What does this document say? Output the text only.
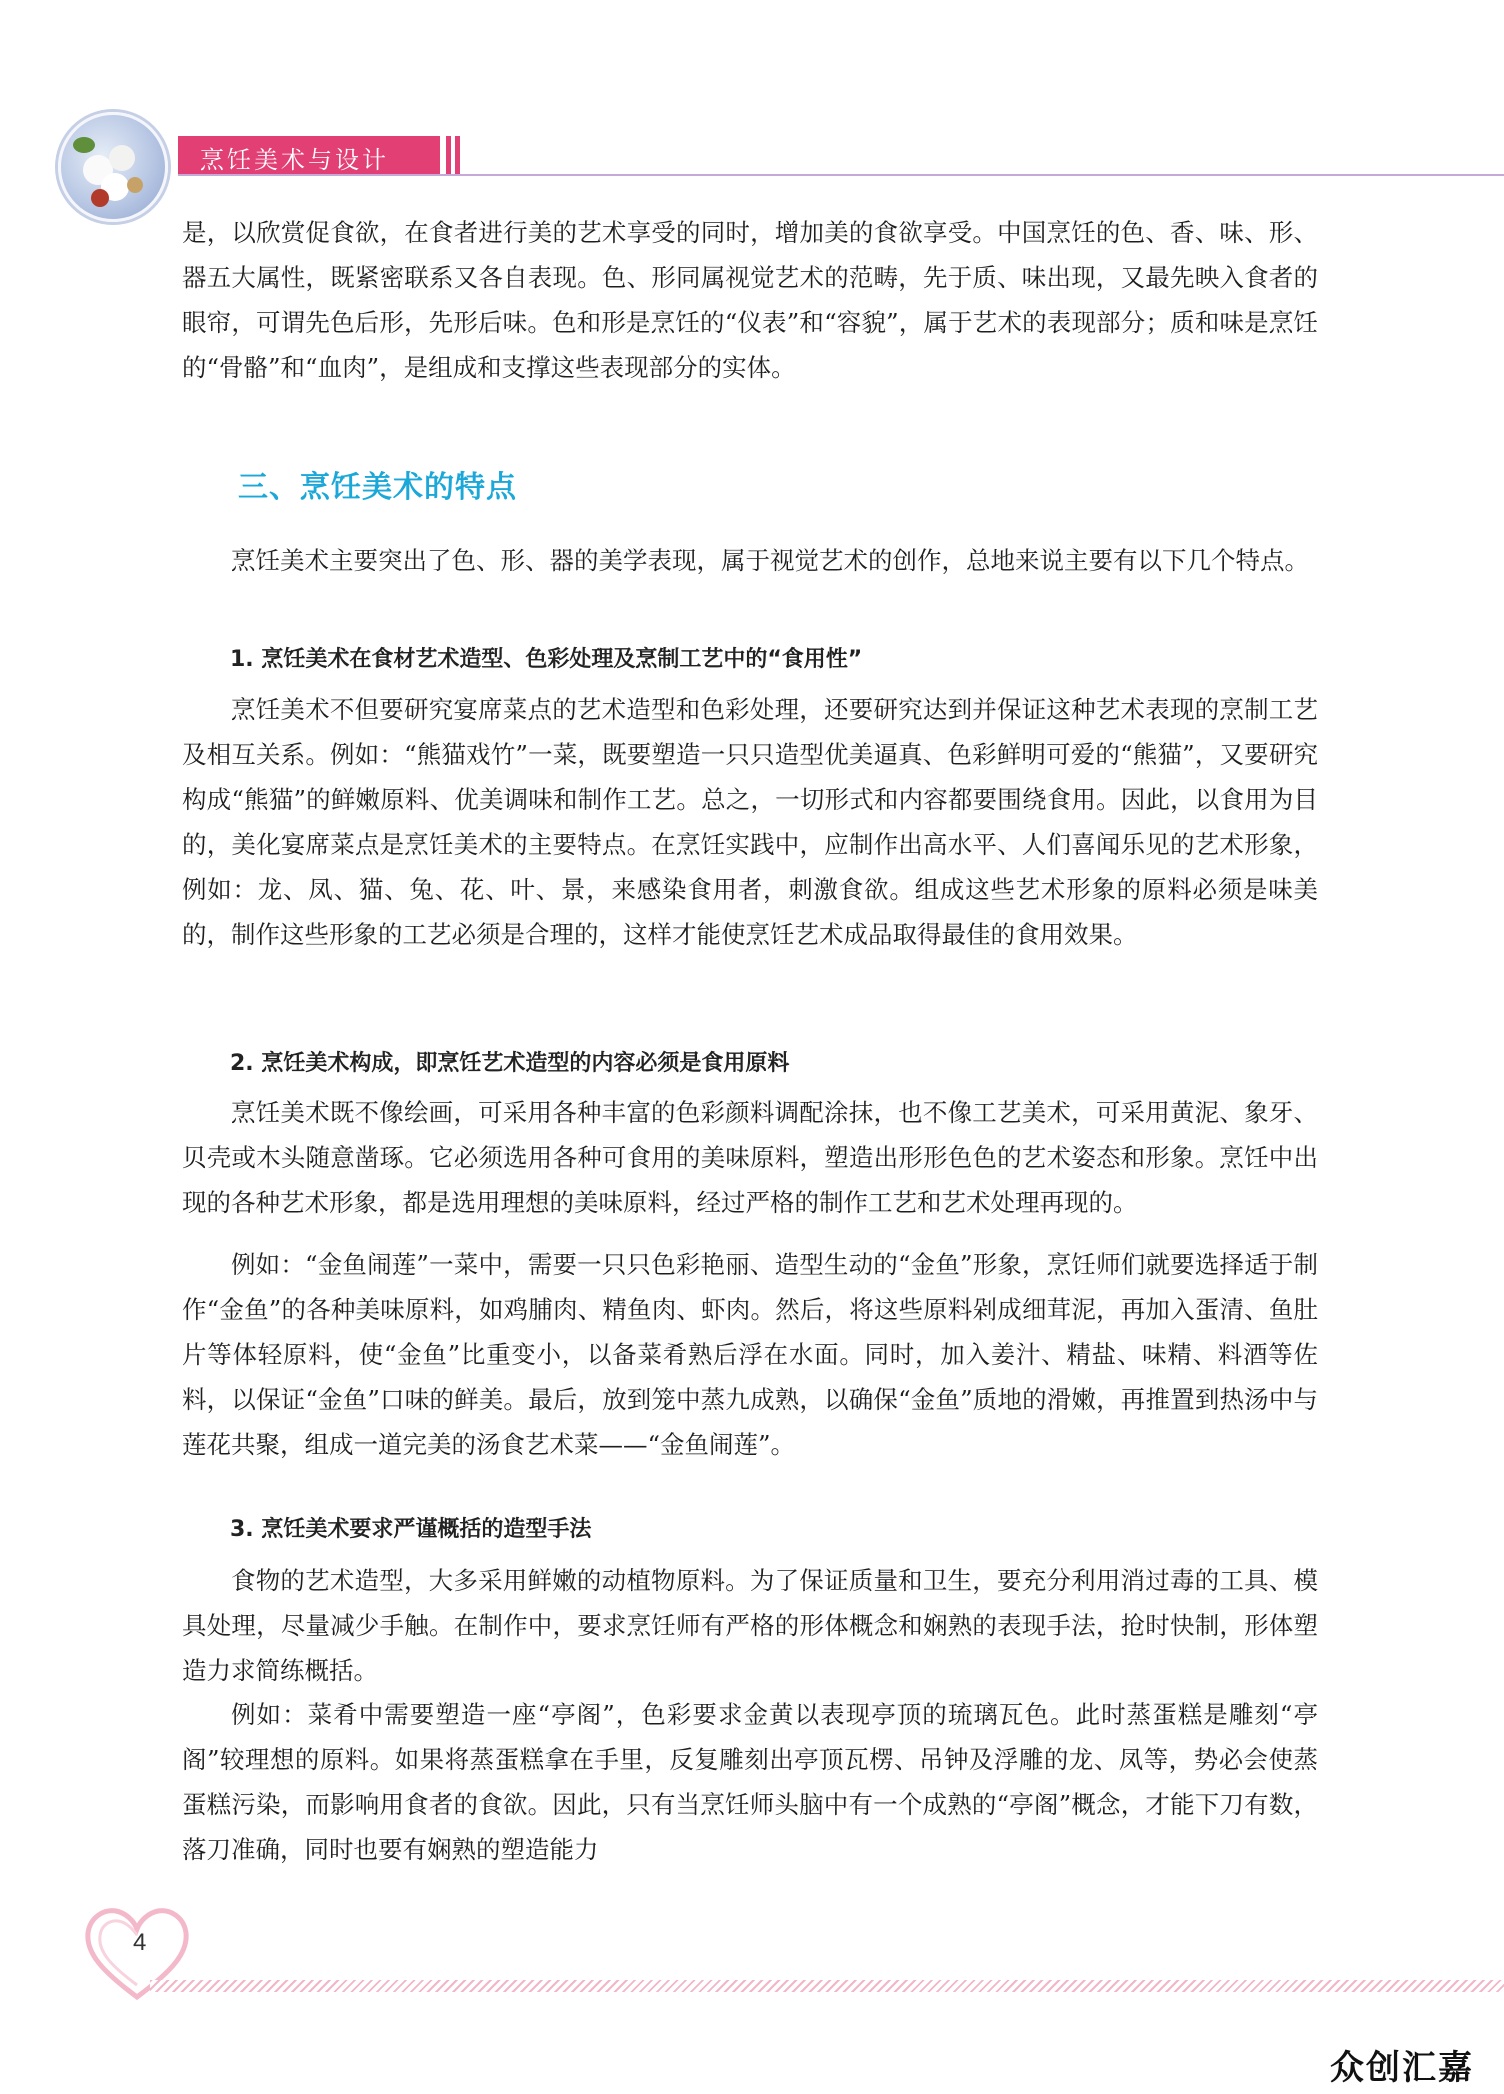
烹饪美术与设计

是，以欣赏促食欲，在食者进行美的艺术享受的同时，增加美的食欲享受。中国烹饪的色、香、味、形、器五大属性，既紧密联系又各自表现。色、形同属视觉艺术的范畴，先于质、味出现，又最先映入食者的眼帘，可谓先色后形，先形后味。色和形是烹饪的“仪表”和“容貌”，属于艺术的表现部分；质和味是烹饪的“骨骼”和“血肉”，是组成和支撑这些表现部分的实体。

三、烹饪美术的特点

烹饪美术主要突出了色、形、器的美学表现，属于视觉艺术的创作，总地来说主要有以下几个特点。

1. 烹饪美术在食材艺术造型、色彩处理及烹制工艺中的“食用性”

烹饪美术不但要研究宴席菜点的艺术造型和色彩处理，还要研究达到并保证这种艺术表现的烹制工艺及相互关系。例如：“熊猫戏竹”一菜，既要塑造一只只造型优美逼真、色彩鲜明可爱的“熊猫”，又要研究构成“熊猫”的鲜嫩原料、优美调味和制作工艺。总之，一切形式和内容都要围绕食用。因此，以食用为目的，美化宴席菜点是烹饪美术的主要特点。在烹饪实践中，应制作出高水平、人们喜闻乐见的艺术形象，例如：龙、凤、猫、兔、花、叶、景，来感染食用者，刺激食欲。组成这些艺术形象的原料必须是味美的，制作这些形象的工艺必须是合理的，这样才能使烹饪艺术成品取得最佳的食用效果。

2. 烹饪美术构成，即烹饪艺术造型的内容必须是食用原料

烹饪美术既不像绘画，可采用各种丰富的色彩颜料调配涂抹，也不像工艺美术，可采用黄泥、象牙、贝壳或木头随意凿琢。它必须选用各种可食用的美味原料，塑造出形形色色的艺术姿态和形象。烹饪中出现的各种艺术形象，都是选用理想的美味原料，经过严格的制作工艺和艺术处理再现的。

例如：“金鱼闹莲”一菜中，需要一只只色彩艳丽、造型生动的“金鱼”形象，烹饪师们就要选择适于制作“金鱼”的各种美味原料，如鸡脯肉、精鱼肉、虾肉。然后，将这些原料剁成细茸泥，再加入蛋清、鱼肚片等体轻原料，使“金鱼”比重变小，以备菜肴熟后浮在水面。同时，加入姜汁、精盐、味精、料酒等佐料，以保证“金鱼”口味的鲜美。最后，放到笼中蒸九成熟，以确保“金鱼”质地的滑嫩，再推置到热汤中与莲花共聚，组成一道完美的汤食艺术菜——“金鱼闹莲”。

3. 烹饪美术要求严谨概括的造型手法

食物的艺术造型，大多采用鲜嫩的动植物原料。为了保证质量和卫生，要充分利用消过毒的工具、模具处理，尽量减少手触。在制作中，要求烹饪师有严格的形体概念和娴熟的表现手法，抢时快制，形体塑造力求简练概括。

例如：菜肴中需要塑造一座“亭阁”，色彩要求金黄以表现亭顶的琉璃瓦色。此时蒸蛋糕是雕刻“亭阁”较理想的原料。如果将蒸蛋糕拿在手里，反复雕刻出亭顶瓦楞、吊钟及浮雕的龙、凤等，势必会使蒸蛋糕污染，而影响用食者的食欲。因此，只有当烹饪师头脑中有一个成熟的“亭阁”概念，才能下刀有数，落刀准确，同时也要有娴熟的塑造能力

4
众创汇嘉
